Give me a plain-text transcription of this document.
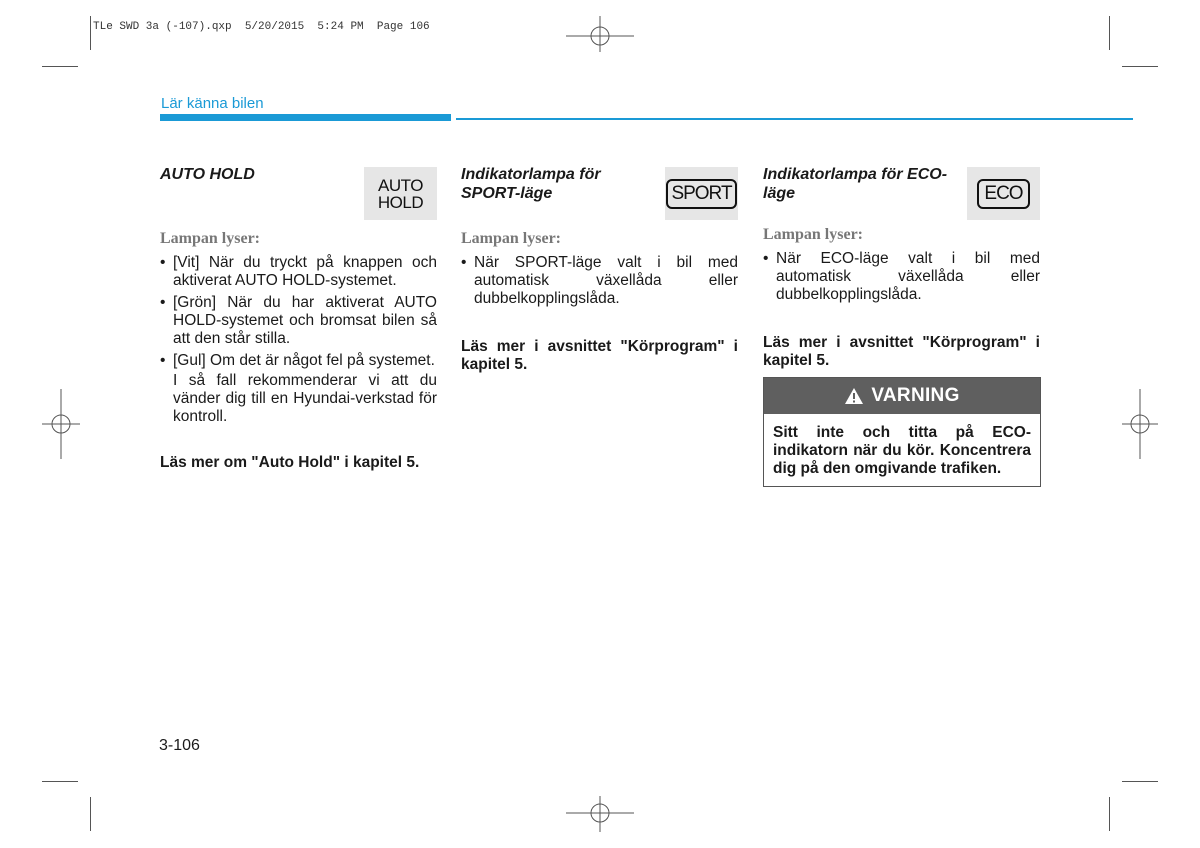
TLe SWD 3a (-107).qxp  5/20/2015  5:24 PM  Page 106
Lär känna bilen
AUTO HOLD
AUTO
HOLD
Lampan lyser:
• [Vit] När du tryckt på knappen och aktiverat AUTO HOLD-systemet.
• [Grön] När du har aktiverat AUTO HOLD-systemet och bromsat bilen så att den står stilla.
• [Gul] Om det är något fel på systemet.
I så fall rekommenderar vi att du vänder dig till en Hyundai-verkstad för kontroll.
Läs mer om "Auto Hold" i kapitel 5.
Indikatorlampa för SPORT-läge	SPORT
Lampan lyser:
• När SPORT-läge valt i bil med automatisk växellåda eller dubbelkopplingslåda.
Läs mer i avsnittet "Körprogram" i kapitel 5.
Indikatorlampa för ECO-läge	ECO
Lampan lyser:
• När ECO-läge valt i bil med automatisk växellåda eller dubbelkopplingslåda.
Läs mer i avsnittet "Körprogram" i kapitel 5.
VARNING
Sitt inte och titta på ECO-indikatorn när du kör. Koncentrera dig på den omgivande trafiken.
3-106
